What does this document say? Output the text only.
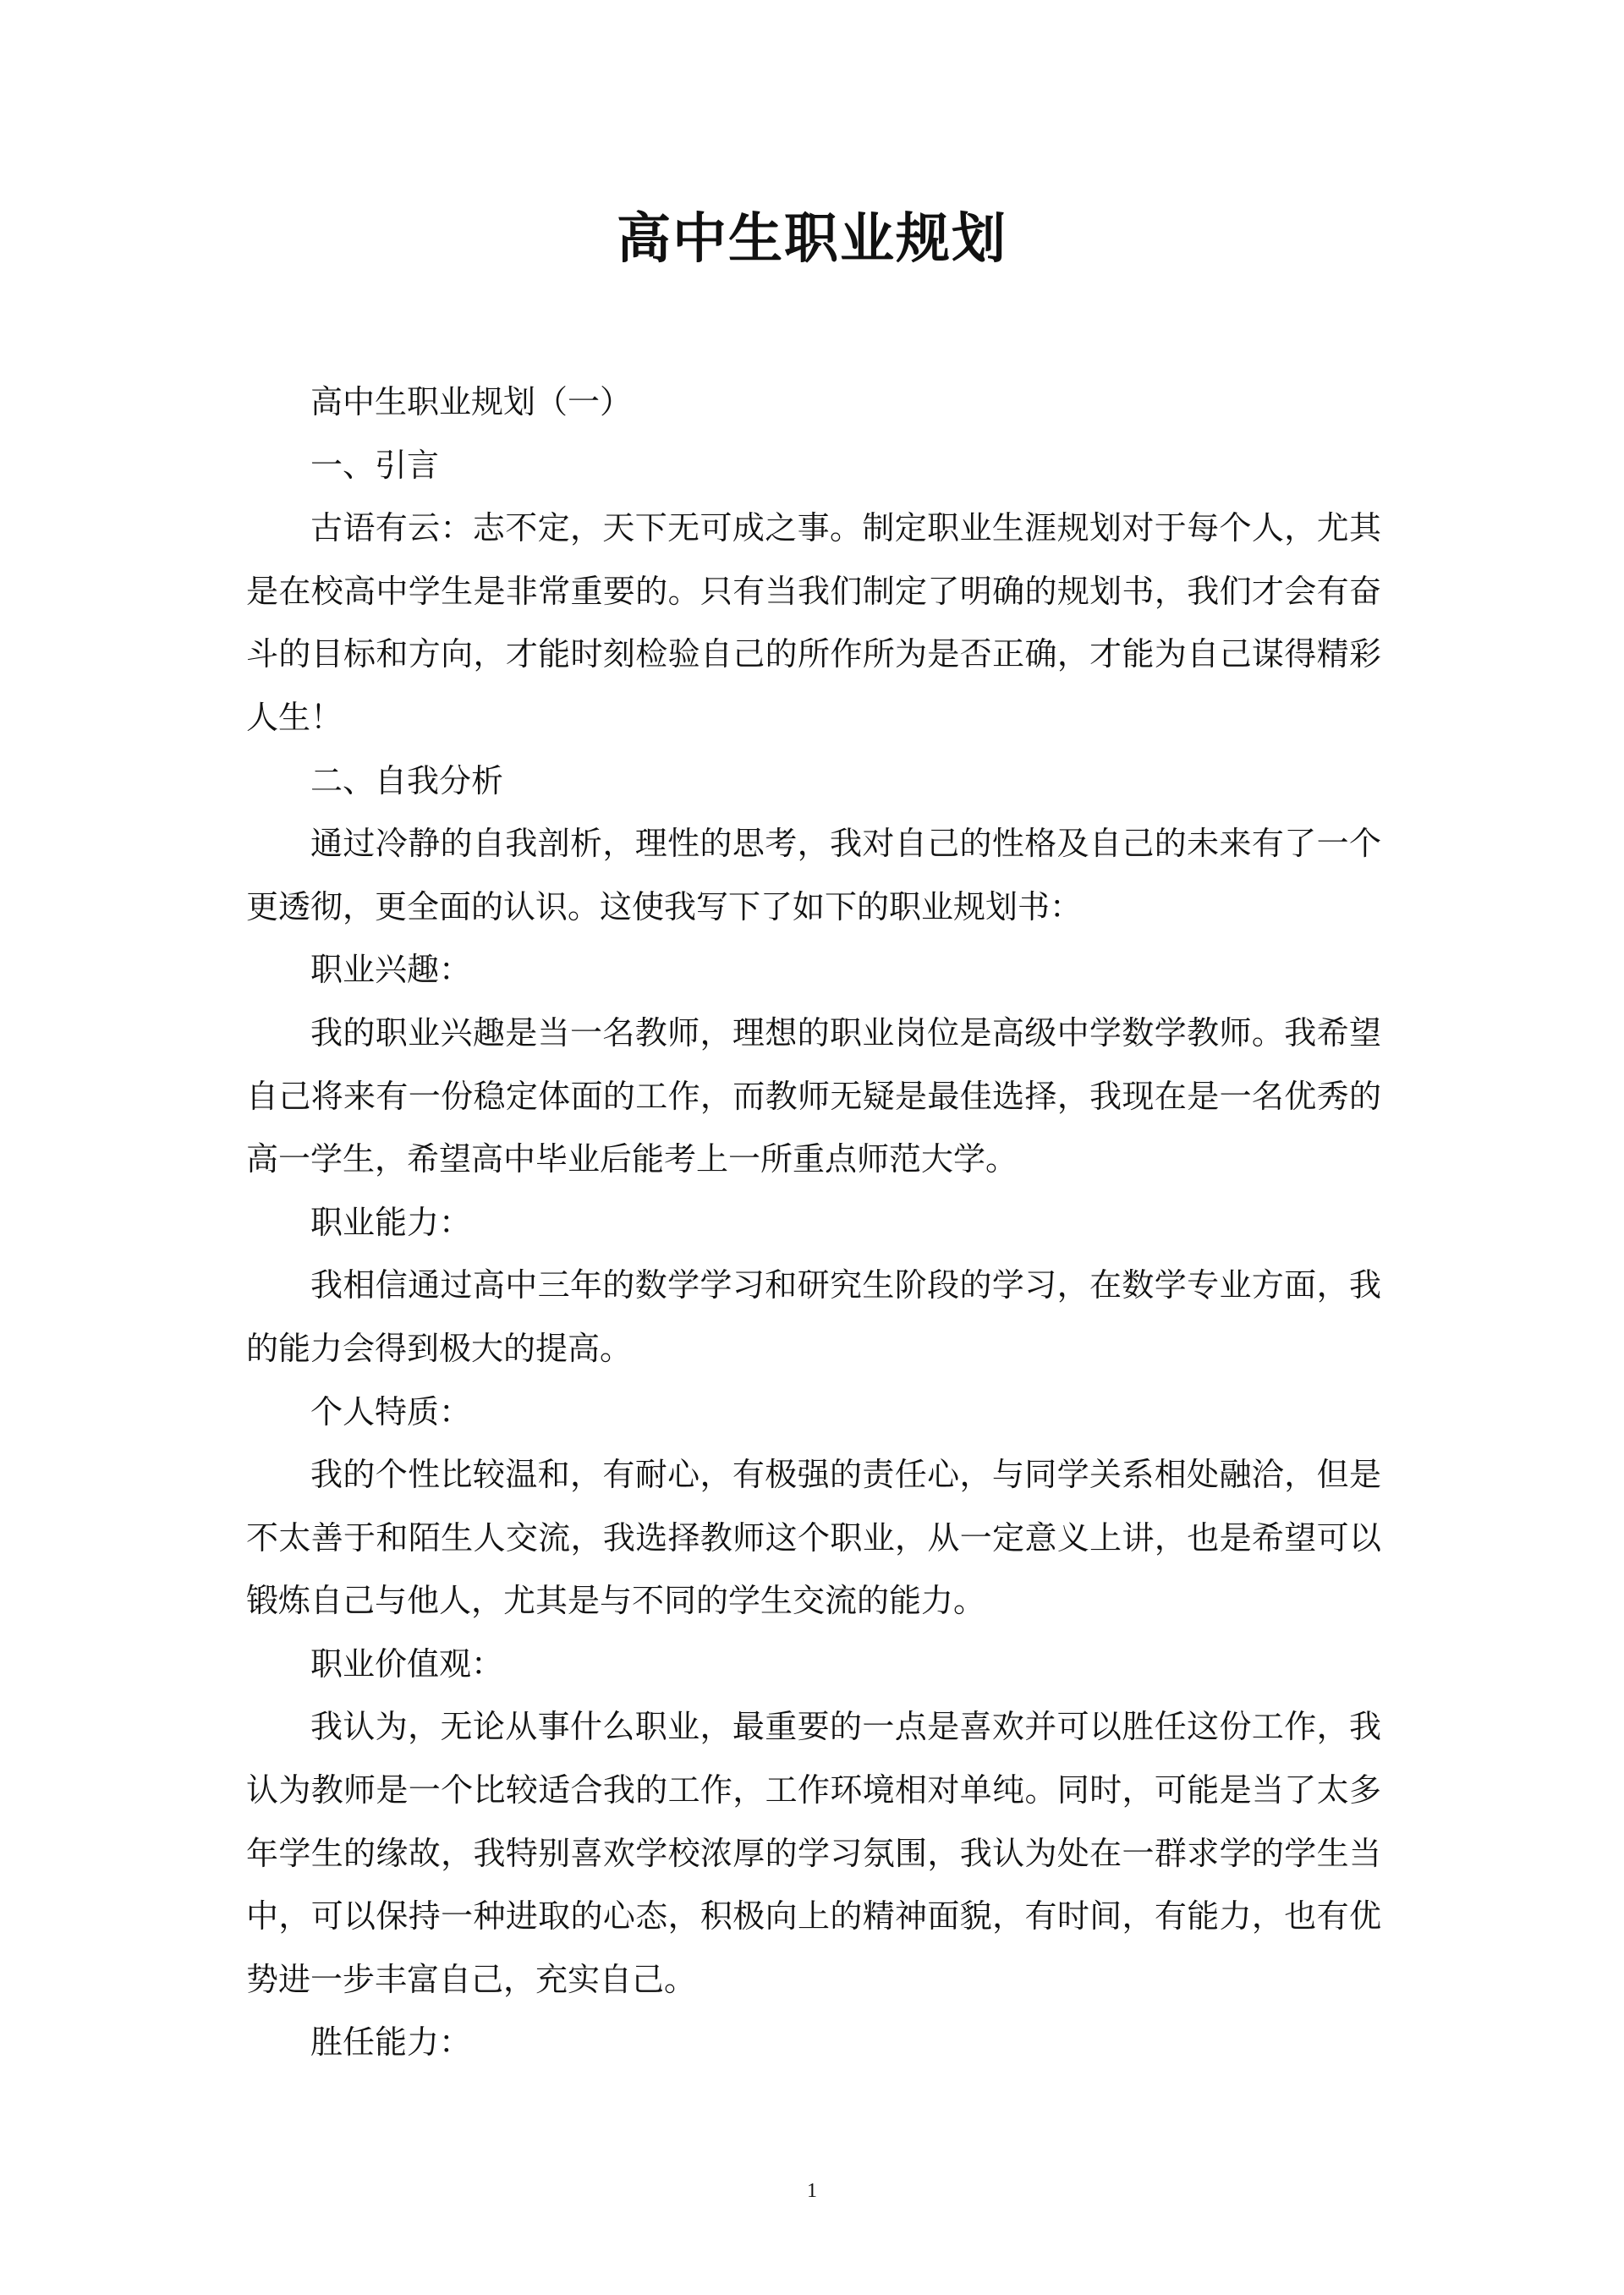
高中生职业规划

高中生职业规划（一）

一、引言

古语有云：志不定，天下无可成之事。制定职业生涯规划对于每个人，尤其是在校高中学生是非常重要的。只有当我们制定了明确的规划书，我们才会有奋斗的目标和方向，才能时刻检验自己的所作所为是否正确，才能为自己谋得精彩人生！

二、自我分析

通过冷静的自我剖析，理性的思考，我对自己的性格及自己的未来有了一个更透彻，更全面的认识。这使我写下了如下的职业规划书：

职业兴趣：

我的职业兴趣是当一名教师，理想的职业岗位是高级中学数学教师。我希望自己将来有一份稳定体面的工作，而教师无疑是最佳选择，我现在是一名优秀的高一学生，希望高中毕业后能考上一所重点师范大学。

职业能力：

我相信通过高中三年的数学学习和研究生阶段的学习，在数学专业方面，我的能力会得到极大的提高。

个人特质：

我的个性比较温和，有耐心，有极强的责任心，与同学关系相处融洽，但是不太善于和陌生人交流，我选择教师这个职业，从一定意义上讲，也是希望可以锻炼自己与他人，尤其是与不同的学生交流的能力。

职业价值观：

我认为，无论从事什么职业，最重要的一点是喜欢并可以胜任这份工作，我认为教师是一个比较适合我的工作，工作环境相对单纯。同时，可能是当了太多年学生的缘故，我特别喜欢学校浓厚的学习氛围，我认为处在一群求学的学生当中，可以保持一种进取的心态，积极向上的精神面貌，有时间，有能力，也有优势进一步丰富自己，充实自己。

胜任能力：

1
